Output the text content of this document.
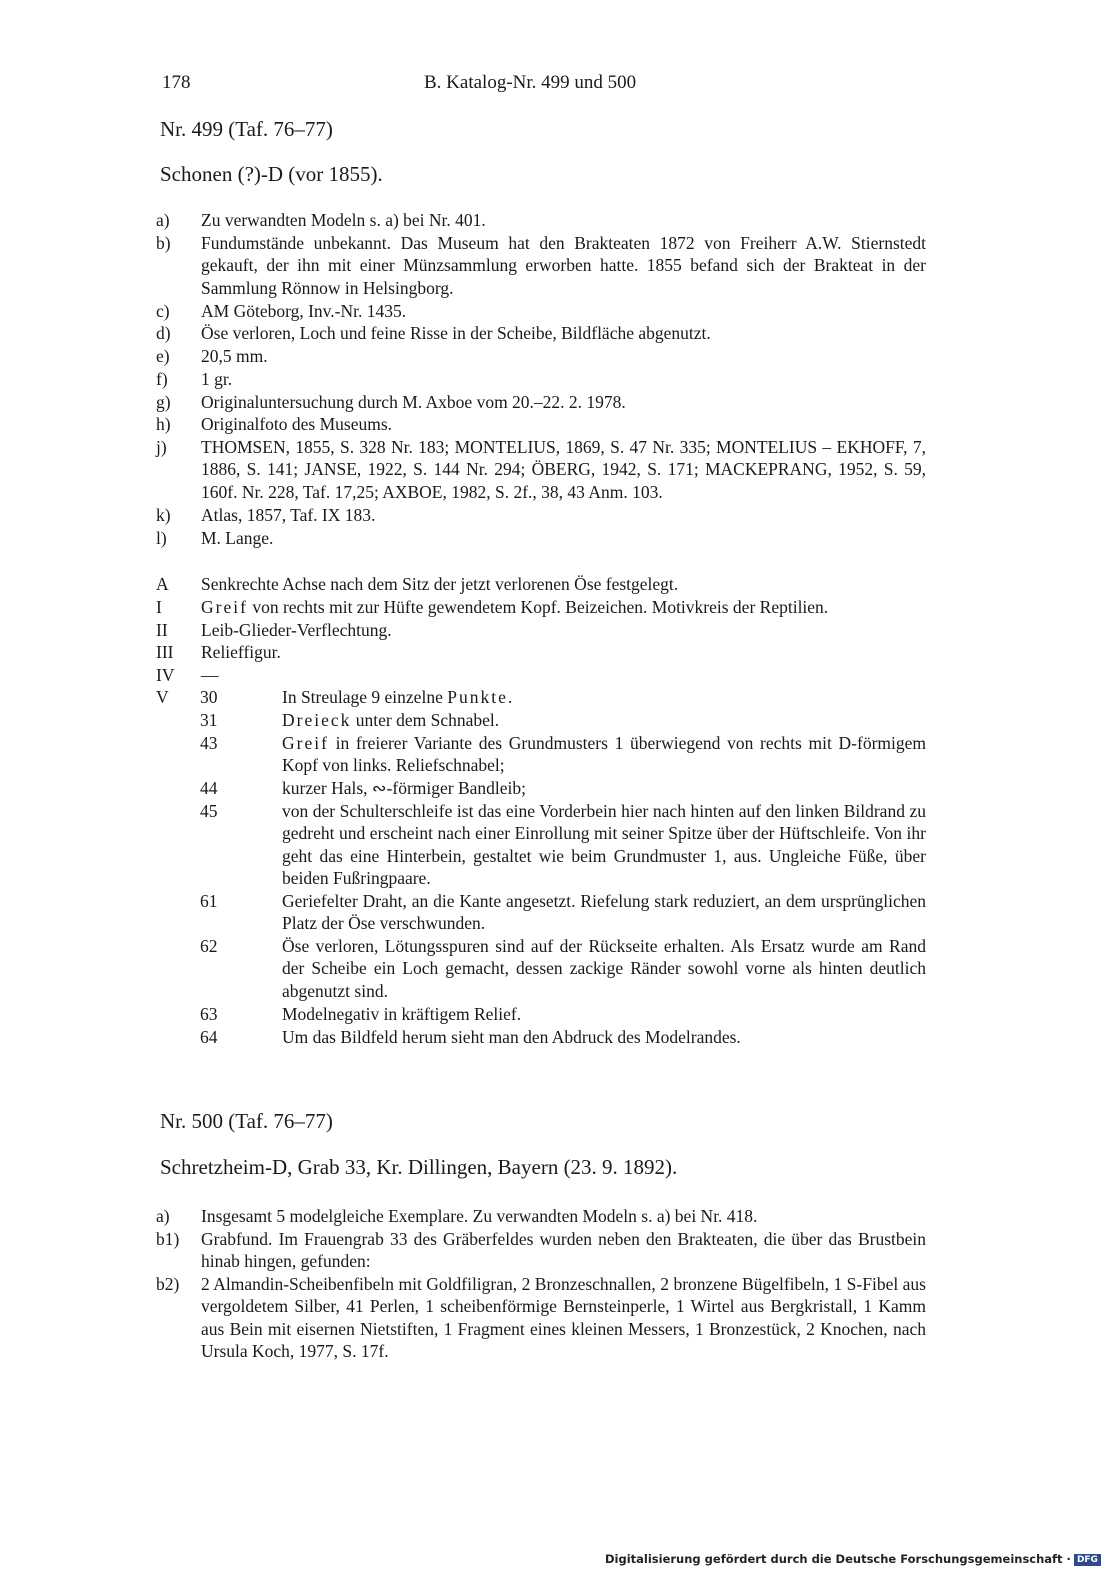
178	B. Katalog-Nr. 499 und 500
Nr. 499 (Taf. 76–77)
Schonen (?)-D (vor 1855).
a) Zu verwandten Modeln s. a) bei Nr. 401.
b) Fundumstände unbekannt. Das Museum hat den Brakteaten 1872 von Freiherr A.W. Stiernstedt gekauft, der ihn mit einer Münzsammlung erworben hatte. 1855 befand sich der Brakteat in der Sammlung Rönnow in Helsingborg.
c) AM Göteborg, Inv.-Nr. 1435.
d) Öse verloren, Loch und feine Risse in der Scheibe, Bildfläche abgenutzt.
e) 20,5 mm.
f) 1 gr.
g) Originaluntersuchung durch M. Axboe vom 20.–22. 2. 1978.
h) Originalfoto des Museums.
j) THOMSEN, 1855, S. 328 Nr. 183; MONTELIUS, 1869, S. 47 Nr. 335; MONTELIUS – EKHOFF, 7, 1886, S. 141; JANSE, 1922, S. 144 Nr. 294; ÖBERG, 1942, S. 171; MACKEPRANG, 1952, S. 59, 160f. Nr. 228, Taf. 17,25; AXBOE, 1982, S. 2f., 38, 43 Anm. 103.
k) Atlas, 1857, Taf. IX 183.
l) M. Lange.
A Senkrechte Achse nach dem Sitz der jetzt verlorenen Öse festgelegt.
I Greif von rechts mit zur Hüfte gewendetem Kopf. Beizeichen. Motivkreis der Reptilien.
II Leib-Glieder-Verflechtung.
III Relieffigur.
IV —
V 30	In Streulage 9 einzelne Punkte.
31	Dreieck unter dem Schnabel.
43	Greif in freierer Variante des Grundmusters 1 überwiegend von rechts mit D-förmigem Kopf von links. Reliefschnabel;
44	kurzer Hals, ∾-förmiger Bandleib;
45	von der Schulterschleife ist das eine Vorderbein hier nach hinten auf den linken Bildrand zu gedreht und erscheint nach einer Einrollung mit seiner Spitze über der Hüftschleife. Von ihr geht das eine Hinterbein, gestaltet wie beim Grundmuster 1, aus. Ungleiche Füße, über beiden Fußringpaare.
61	Geriefelter Draht, an die Kante angesetzt. Riefelung stark reduziert, an dem ursprünglichen Platz der Öse verschwunden.
62	Öse verloren, Lötungsspuren sind auf der Rückseite erhalten. Als Ersatz wurde am Rand der Scheibe ein Loch gemacht, dessen zackige Ränder sowohl vorne als hinten deutlich abgenutzt sind.
63	Modelnegativ in kräftigem Relief.
64	Um das Bildfeld herum sieht man den Abdruck des Modelrandes.
Nr. 500 (Taf. 76–77)
Schretzheim-D, Grab 33, Kr. Dillingen, Bayern (23. 9. 1892).
a) Insgesamt 5 modelgleiche Exemplare. Zu verwandten Modeln s. a) bei Nr. 418.
b1) Grabfund. Im Frauengrab 33 des Gräberfeldes wurden neben den Brakteaten, die über das Brustbein hinab hingen, gefunden:
b2) 2 Almandin-Scheibenfibeln mit Goldfiligran, 2 Bronzeschnallen, 2 bronzene Bügelfibeln, 1 S-Fibel aus vergoldetem Silber, 41 Perlen, 1 scheibenförmige Bernsteinperle, 1 Wirtel aus Bergkristall, 1 Kamm aus Bein mit eisernen Nietstiften, 1 Fragment eines kleinen Messers, 1 Bronzestück, 2 Knochen, nach Ursula Koch, 1977, S. 17f.
Digitalisierung gefördert durch die Deutsche Forschungsgemeinschaft · DFG
